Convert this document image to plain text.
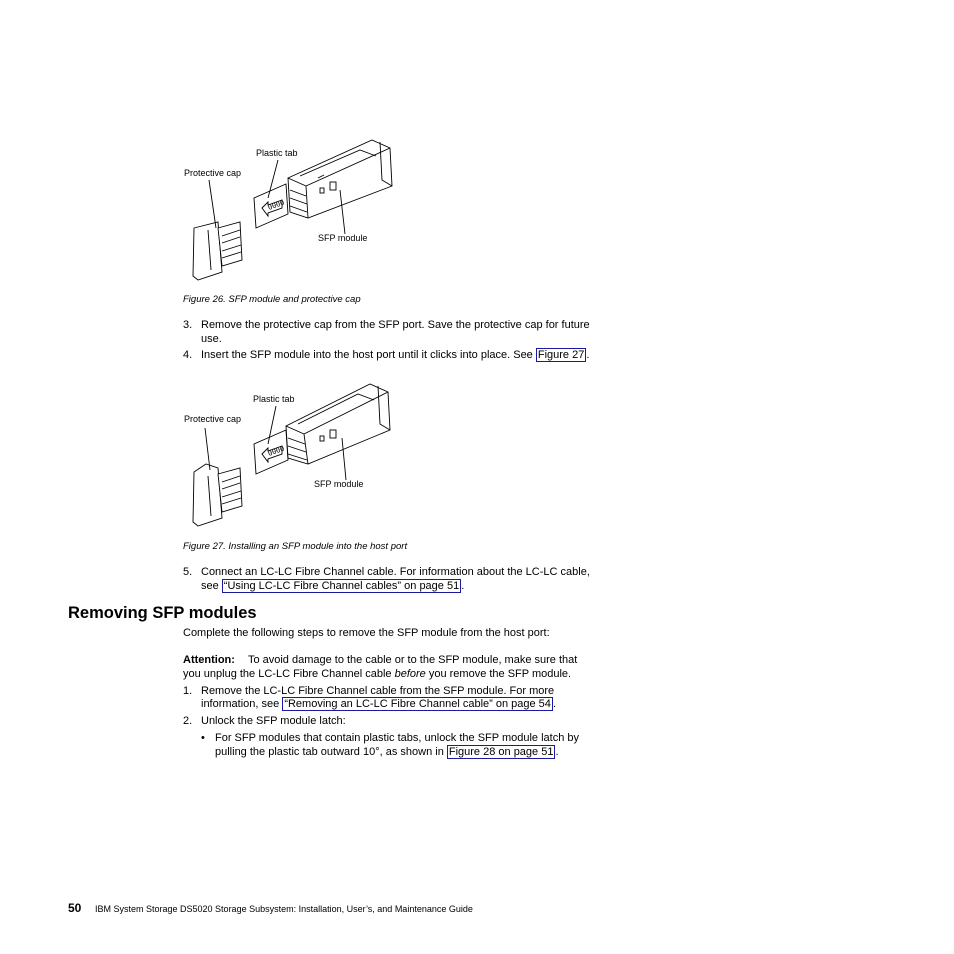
0000
Plastic tab
Protective cap
SFP module
Figure 26. SFP module and protective cap
3. Remove the protective cap from the SFP port. Save the protective cap for future
use.
4. Insert the SFP module into the host port until it clicks into place. See Figure 27 .
0000
Plastic tab
Protective cap
SFP module
Figure 27. Installing an SFP module into the host port
5. Connect an LC-LC Fibre Channel cable. For information about the LC-LC cable,
see “Using LC-LC Fibre Channel cables” on page 51 .
Removing SFP modules
Complete the following steps to remove the SFP module from the host port:
Attention: To avoid damage to the cable or to the SFP module, make sure that
you unplug the LC-LC Fibre Channel cable before you remove the SFP module.
1. Remove the LC-LC Fibre Channel cable from the SFP module. For more
information, see “Removing an LC-LC Fibre Channel cable” on page 54 .
2. Unlock the SFP module latch:
• For SFP modules that contain plastic tabs, unlock the SFP module latch by
pulling the plastic tab outward 10°, as shown in Figure 28 on page 51 .
50 IBM System Storage DS5020 Storage Subsystem: Installation, User’s, and Maintenance Guide
